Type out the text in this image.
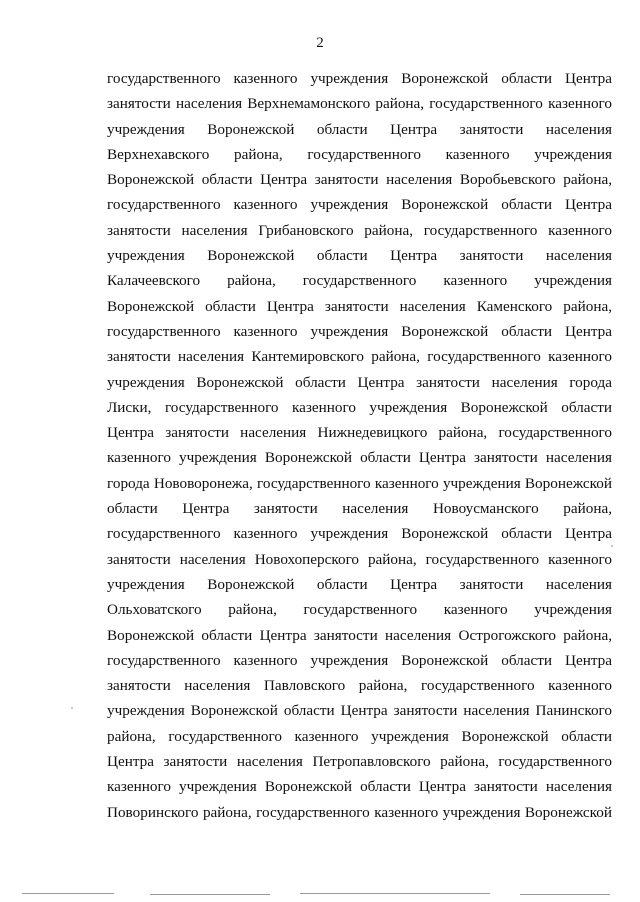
2
государственного казенного учреждения Воронежской области Центра
занятости населения Верхнемамонского района, государственного казенного
учреждения Воронежской области Центра занятости населения
Верхнехавского района, государственного казенного учреждения
Воронежской области Центра занятости населения Воробьевского района,
государственного казенного учреждения Воронежской области Центра
занятости населения Грибановского района, государственного казенного
учреждения Воронежской области Центра занятости населения
Калачеевского района, государственного казенного учреждения
Воронежской области Центра занятости населения Каменского района,
государственного казенного учреждения Воронежской области Центра
занятости населения Кантемировского района, государственного казенного
учреждения Воронежской области Центра занятости населения города
Лиски, государственного казенного учреждения Воронежской области
Центра занятости населения Нижнедевицкого района, государственного
казенного учреждения Воронежской области Центра занятости населения
города Нововоронежа, государственного казенного учреждения Воронежской
области Центра занятости населения Новоусманского района,
государственного казенного учреждения Воронежской области Центра
занятости населения Новохоперского района, государственного казенного
учреждения Воронежской области Центра занятости населения
Ольховатского района, государственного казенного учреждения
Воронежской области Центра занятости населения Острогожского района,
государственного казенного учреждения Воронежской области Центра
занятости населения Павловского района, государственного казенного
учреждения Воронежской области Центра занятости населения Панинского
района, государственного казенного учреждения Воронежской области
Центра занятости населения Петропавловского района, государственного
казенного учреждения Воронежской области Центра занятости населения
Поворинского района, государственного казенного учреждения Воронежской
